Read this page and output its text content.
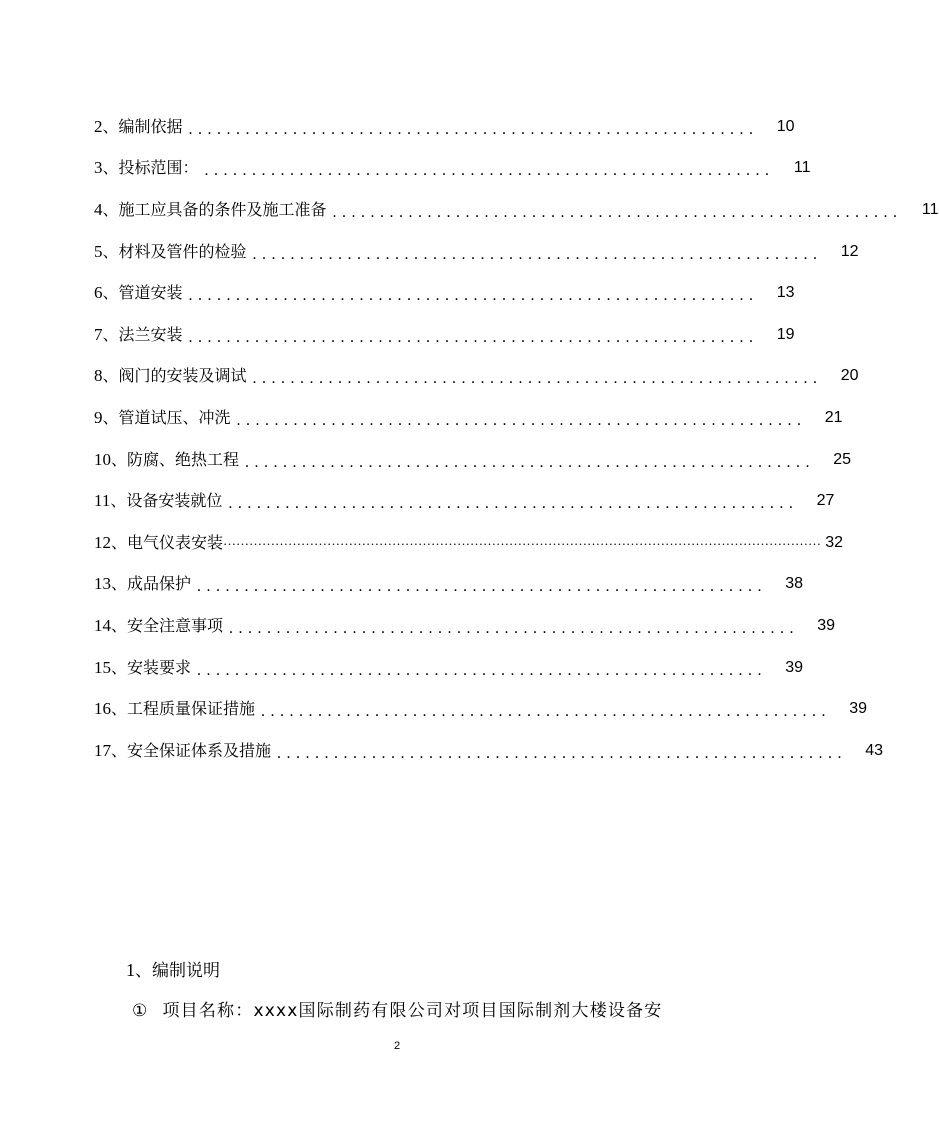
2 、 编制依据 ............................................................ 10
3 、 投标范围： ............................................................	11
4 、 施工应具备的条件及施工准备 ............................................................	11
5 、 材料及管件的检验 ............................................................ 12
6 、 管道安装 ............................................................ 13
7 、 法兰安装 ............................................................ 19
8 、 阀门的安装及调试 ............................................................ 20
9 、 管道试压、冲洗 ............................................................ 21
10 、 防腐、绝热工程 ............................................................ 25
11 、 设备安装就位 ............................................................ 27
12 、 电气仪表安装 ………………………………………………………………………………………………………………………… 32
13 、 成品保护 ............................................................ 38
14 、 安全注意事项 ............................................................ 39
15 、 安装要求 ............................................................ 39
16 、 工程质量保证措施 ............................................................ 39
17 、 安全保证体系及措施 ............................................................ 43
1、编制说明
① 项目名称：xxxx国际制药有限公司对项目国际制剂大楼设备安
2
